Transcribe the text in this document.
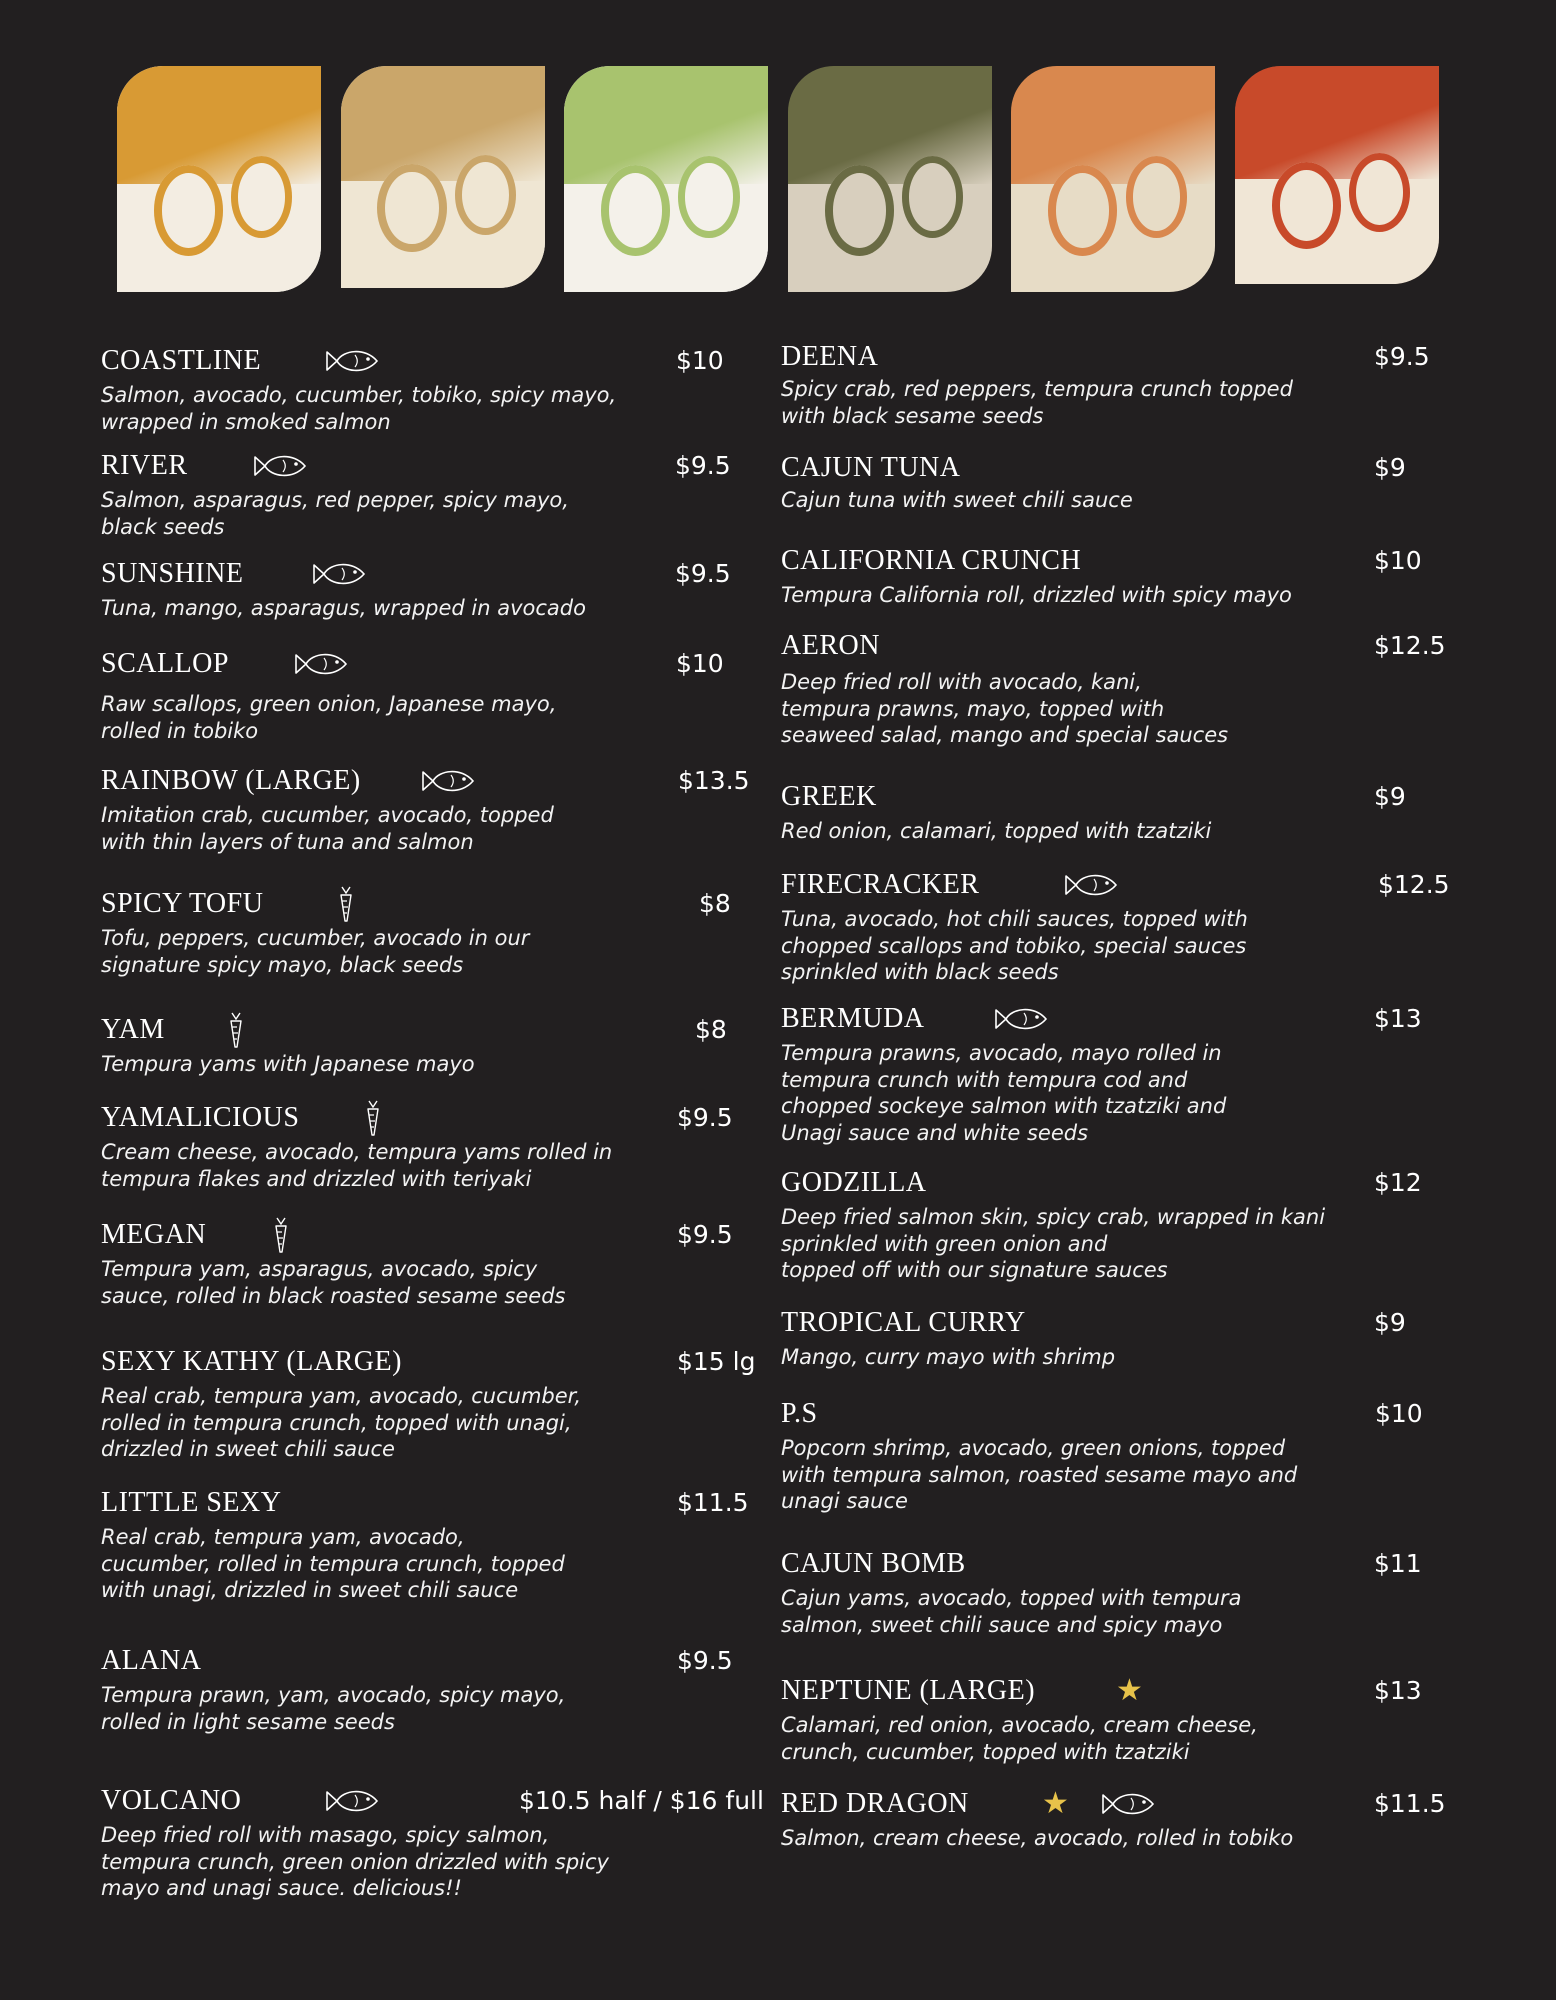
COASTLINE	$10
Salmon, avocado, cucumber, tobiko, spicy mayo,
wrapped in smoked salmon
RIVER	$9.5
Salmon, asparagus, red pepper, spicy mayo,
black seeds
SUNSHINE	$9.5
Tuna, mango, asparagus, wrapped in avocado
SCALLOP	$10
Raw scallops, green onion, Japanese mayo,
rolled in tobiko
RAINBOW (LARGE)	$13.5
Imitation crab, cucumber, avocado, topped
with thin layers of tuna and salmon
SPICY TOFU	$8
Tofu, peppers, cucumber, avocado in our
signature spicy mayo, black seeds
YAM	$8
Tempura yams with Japanese mayo
YAMALICIOUS	$9.5
Cream cheese, avocado, tempura yams rolled in
tempura flakes and drizzled with teriyaki
MEGAN	$9.5
Tempura yam, asparagus, avocado, spicy
sauce, rolled in black roasted sesame seeds
SEXY KATHY (LARGE)	$15 lg
Real crab, tempura yam, avocado, cucumber,
rolled in tempura crunch, topped with unagi,
drizzled in sweet chili sauce
LITTLE SEXY	$11.5
Real crab, tempura yam, avocado,
cucumber, rolled in tempura crunch, topped
with unagi, drizzled in sweet chili sauce
ALANA	$9.5
Tempura prawn, yam, avocado, spicy mayo,
rolled in light sesame seeds
VOLCANO	$10.5 half / $16 full
Deep fried roll with masago, spicy salmon,
tempura crunch, green onion drizzled with spicy
mayo and unagi sauce. delicious!!
DEENA	$9.5
Spicy crab, red peppers, tempura crunch topped
with black sesame seeds
CAJUN TUNA	$9
Cajun tuna with sweet chili sauce
CALIFORNIA CRUNCH	$10
Tempura California roll, drizzled with spicy mayo
AERON	$12.5
Deep fried roll with avocado, kani,
tempura prawns, mayo, topped with
seaweed salad, mango and special sauces
GREEK	$9
Red onion, calamari, topped with tzatziki
FIRECRACKER	$12.5
Tuna, avocado, hot chili sauces, topped with
chopped scallops and tobiko, special sauces
sprinkled with black seeds
BERMUDA	$13
Tempura prawns, avocado, mayo rolled in
tempura crunch with tempura cod and
chopped sockeye salmon with tzatziki and
Unagi sauce and white seeds
GODZILLA	$12
Deep fried salmon skin, spicy crab, wrapped in kani
sprinkled with green onion and
topped off with our signature sauces
TROPICAL CURRY	$9
Mango, curry mayo with shrimp
P.S	$10
Popcorn shrimp, avocado, green onions, topped
with tempura salmon, roasted sesame mayo and
unagi sauce
CAJUN BOMB	$11
Cajun yams, avocado, topped with tempura
salmon, sweet chili sauce and spicy mayo
NEPTUNE (LARGE)	★	$13
Calamari, red onion, avocado, cream cheese,
crunch, cucumber, topped with tzatziki
RED DRAGON ★	$11.5
Salmon, cream cheese, avocado, rolled in tobiko
